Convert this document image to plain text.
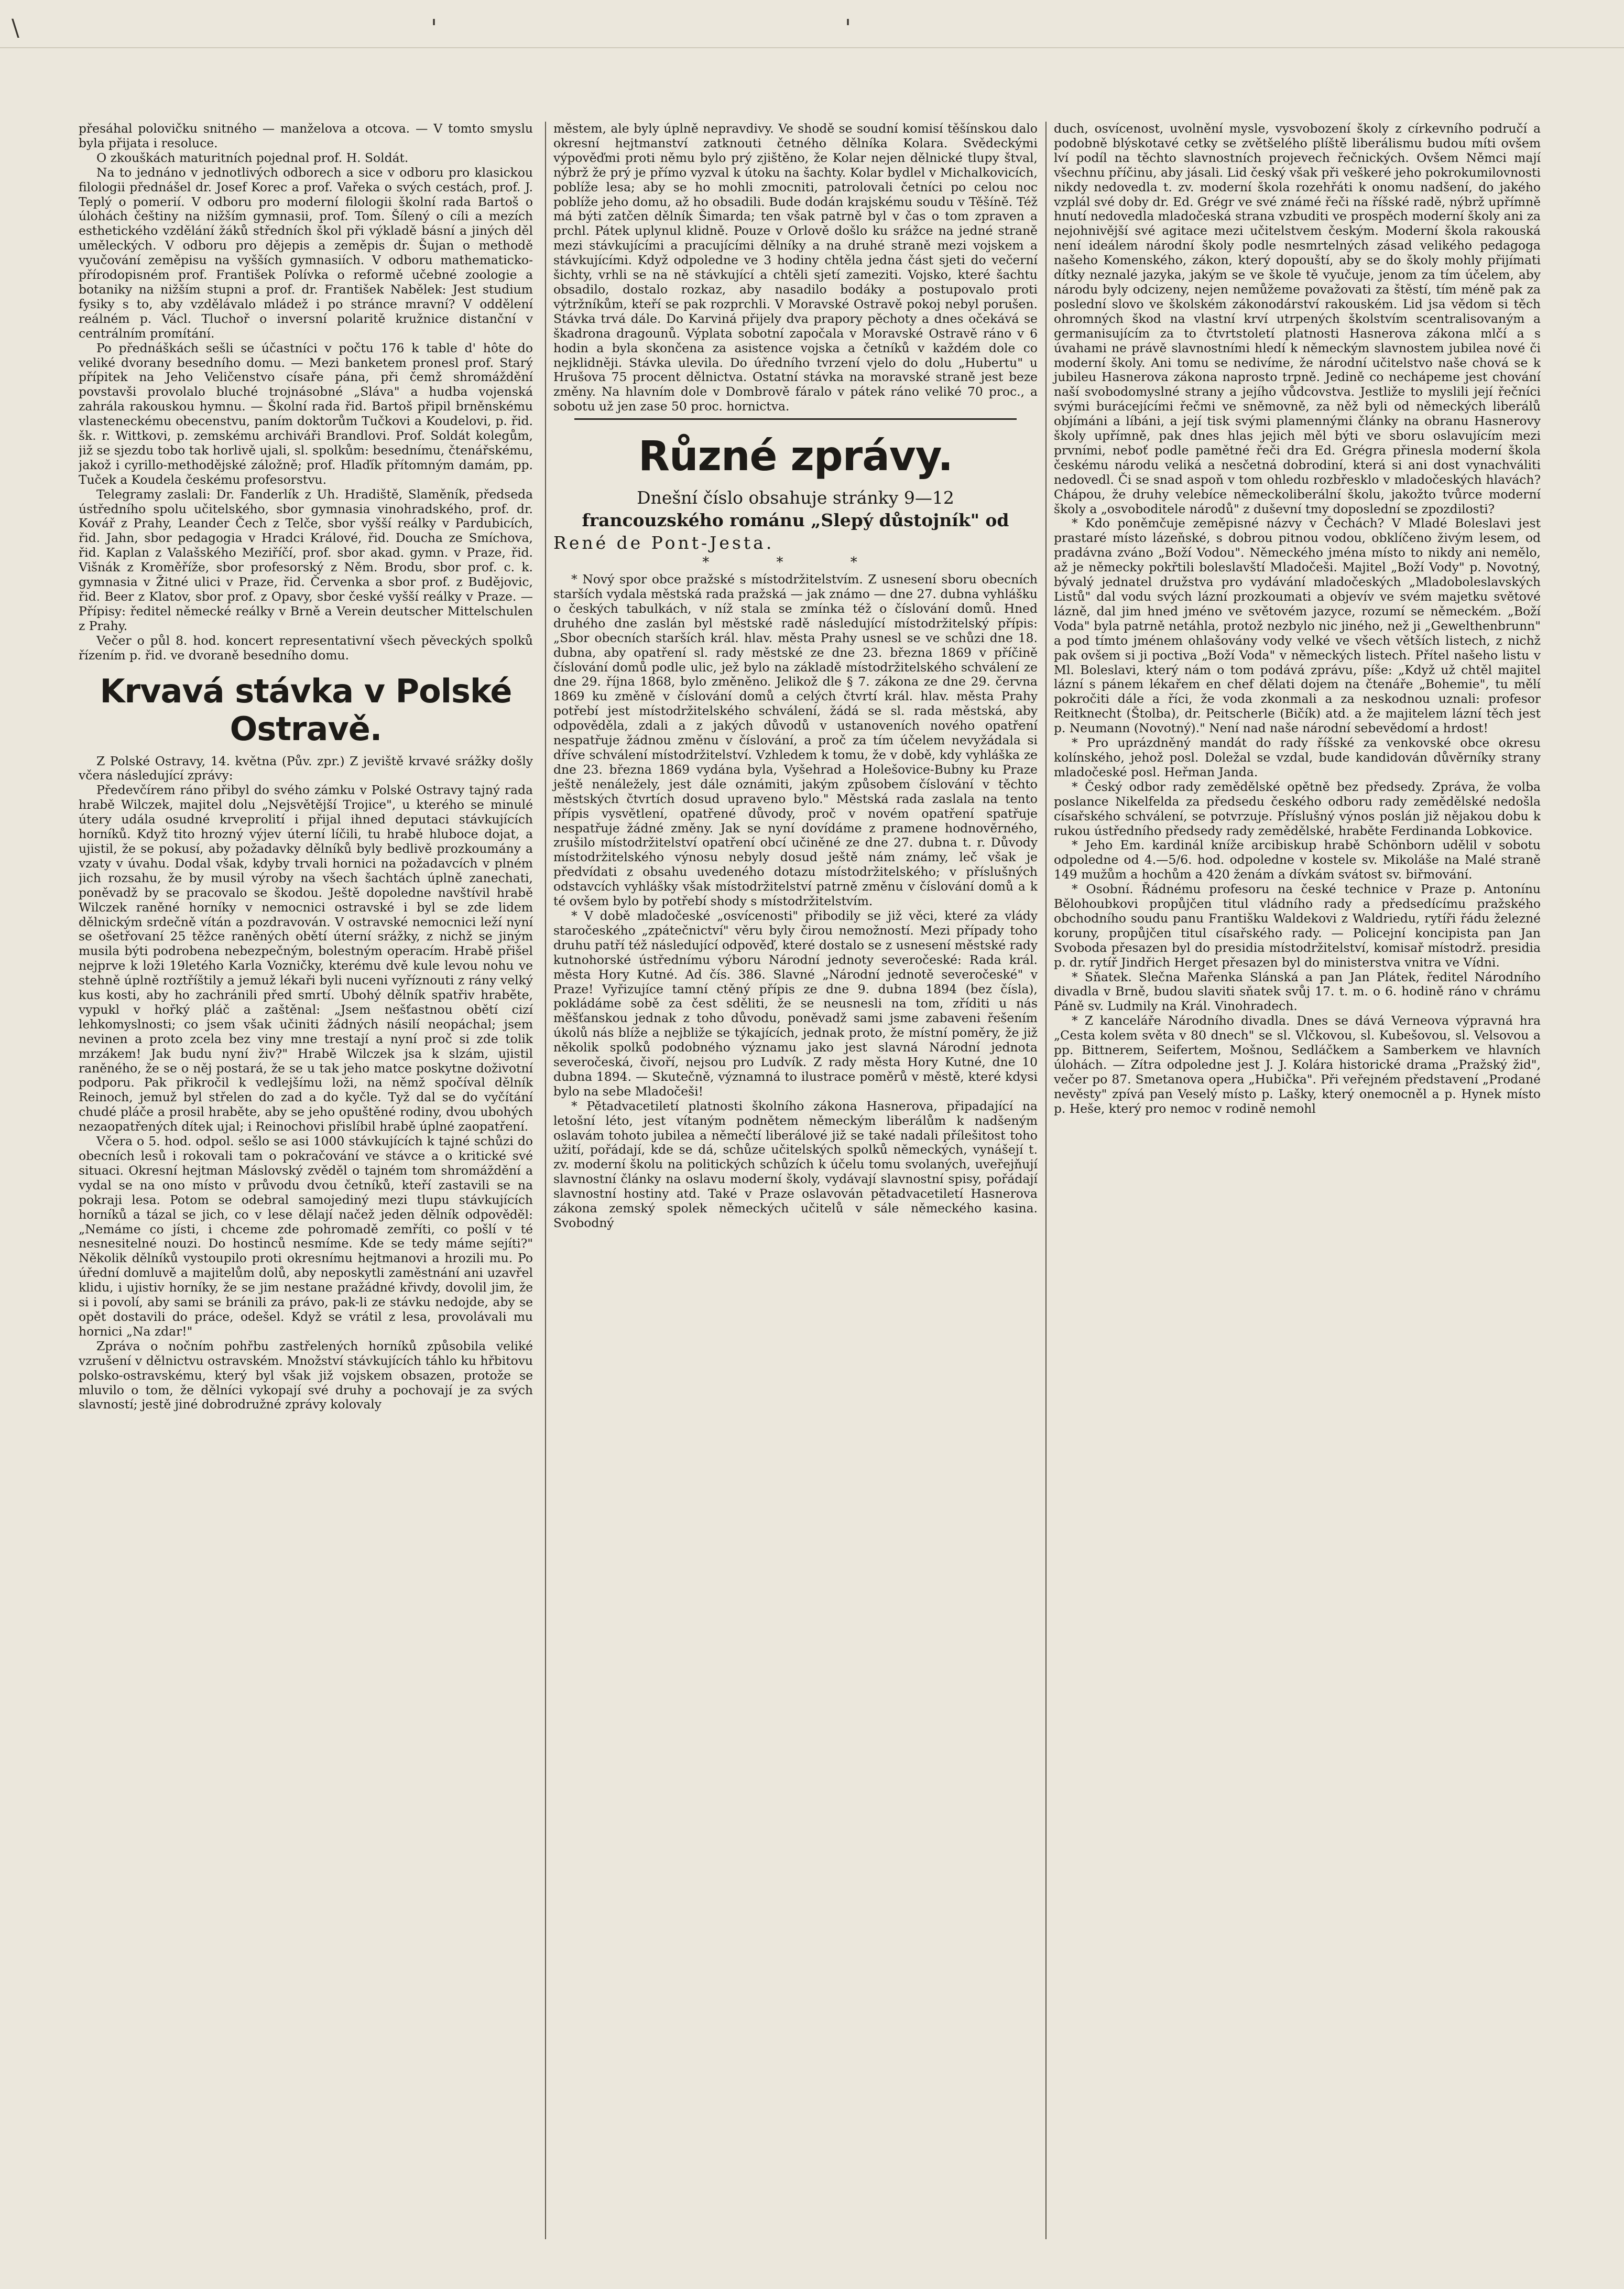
\	'	'

přesáhal polovičku snitného — manželova a otcova. — V tomto smyslu byla přijata i resoluce.

O zkouškách maturitních pojednal prof. H. Soldát.

Na to jednáno v jednotlivých odborech a sice v odboru pro klasickou filologii přednášel dr. Josef Korec a prof. Vařeka o svých cestách, prof. J. Teplý o pomerií. V odboru pro moderní filologii školní rada Bartoš o úlohách češtiny na nižším gymnasii, prof. Tom. Šílený o cíli a mezích esthetického vzdělání žáků středních škol při výkladě básní a jiných děl uměleckých. V odboru pro dějepis a zeměpis dr. Šujan o methodě vyučování zeměpisu na vyšších gymnasiích. V odboru mathematicko-přírodopisném prof. František Polívka o reformě učebné zoologie a botaniky na nižším stupni a prof. dr. František Nabělek: Jest studium fysiky s to, aby vzdělávalo mládež i po stránce mravní? V oddělení reálném p. Václ. Tluchoř o inversní polaritě kružnice distanční v centrálním promítání.

Po přednáškách sešli se účastníci v počtu 176 k table d' hôte do veliké dvorany besedního domu. — Mezi banketem pronesl prof. Starý přípitek na Jeho Veličenstvo císaře pána, při čemž shromáždění povstavši provolalo bluché trojnásobné „Sláva" a hudba vojenská zahrála rakouskou hymnu. — Školní rada řid. Bartoš připil brněnskému vlasteneckému obecenstvu, paním doktorům Tučkovi a Koudelovi, p. řid. šk. r. Wittkovi, p. zemskému archiváři Brandlovi. Prof. Soldát kolegům, již se sjezdu tobo tak horlivě ujali, sl. spolkům: besednímu, čtenářskému, jakož i cyrillo-methodějské záložně; prof. Hlaďík přítomným damám, pp. Tuček a Koudela českému profesorstvu.

Telegramy zaslali: Dr. Fanderlík z Uh. Hradiště, Slaměník, předseda ústředního spolu učitelského, sbor gymnasia vinohradského, prof. dr. Kovář z Prahy, Leander Čech z Telče, sbor vyšší reálky v Pardubicích, řid. Jahn, sbor pedagogia v Hradci Králové, řid. Doucha ze Smíchova, řid. Kaplan z Valašského Meziříčí, prof. sbor akad. gymn. v Praze, řid. Višnák z Kroměříže, sbor profesorský z Něm. Brodu, sbor prof. c. k. gymnasia v Žitné ulici v Praze, řid. Červenka a sbor prof. z Budějovic, řid. Beer z Klatov, sbor prof. z Opavy, sbor české vyšší reálky v Praze. — Přípisy: ředitel německé reálky v Brně a Verein deutscher Mittelschulen z Prahy.

Večer o půl 8. hod. koncert representativní všech pěveckých spolků řízením p. řid. ve dvoraně besedního domu.

Krvavá stávka v Polské Ostravě.

Z Polské Ostravy, 14. května (Pův. zpr.) Z jeviště krvavé srážky došly včera následující zprávy:

Předevčírem ráno přibyl do svého zámku v Polské Ostravy tajný rada hrabě Wilczek, majitel dolu „Nejsvětější Trojice", u kterého se minulé útery udála osudné krveprolití i přijal ihned deputaci stávkujících horníků. Když tito hrozný výjev úterní líčili, tu hrabě hluboce dojat, a ujistil, že se pokusí, aby požadavky dělníků byly bedlivě prozkoumány a vzaty v úvahu. Dodal však, kdyby trvali hornici na požadavcích v plném jich rozsahu, že by musil výroby na všech šachtách úplně zanechati, poněvadž by se pracovalo se škodou. Ještě dopoledne navštívil hrabě Wilczek raněné horníky v nemocnici ostravské i byl se zde lidem dělnickým srdečně vítán a pozdravován. V ostravské nemocnici leží nyní se ošetřovaní 25 těžce raněných obětí úterní srážky, z nichž se jiným musila býti podrobena nebezpečným, bolestným operacím. Hrabě přišel nejprve k loži 19letého Karla Vozničky, kterému dvě kule levou nohu ve stehně úplně roztříštily a jemuž lékaři byli nuceni vyříznouti z rány velký kus kosti, aby ho zachránili před smrtí. Ubohý dělník spatřiv hraběte, vypukl v hořký pláč a zaštěnal: „Jsem nešťastnou obětí cizí lehkomyslnosti; co jsem však učiniti žádných násilí neopáchal; jsem nevinen a proto zcela bez viny mne trestají a nyní proč si zde tolik mrzákem! Jak budu nyní živ?" Hrabě Wilczek jsa k slzám, ujistil raněného, že se o něj postará, že se u tak jeho matce poskytne doživotní podporu. Pak přikročil k vedlejšímu loži, na němž spočíval dělník Reinoch, jemuž byl střelen do zad a do kyčle. Tyž dal se do vyčítání chudé pláče a prosil hraběte, aby se jeho opuštěné rodiny, dvou ubohých nezaopatřených dítek ujal; i Reinochovi přislíbil hrabě úplné zaopatření.

Včera o 5. hod. odpol. sešlo se asi 1000 stávkujících k tajné schůzi do obecních lesů i rokovali tam o pokračování ve stávce a o kritické své situaci. Okresní hejtman Máslovský zvěděl o tajném tom shromáždění a vydal se na ono místo v průvodu dvou četníků, kteří zastavili se na pokraji lesa. Potom se odebral samojediný mezi tlupu stávkujících horníků a tázal se jich, co v lese dělají načež jeden dělník odpověděl: „Nemáme co jísti, i chceme zde pohromadě zemříti, co pošlí v té nesnesitelné nouzi. Do hostinců nesmíme. Kde se tedy máme sejíti?" Několik dělníků vystoupilo proti okresnímu hejtmanovi a hrozili mu. Po úřední domluvě a majitelům dolů, aby neposkytli zaměstnání ani uzavřel klidu, i ujistiv horníky, že se jim nestane pražádné křivdy, dovolil jim, že si i povolí, aby sami se bránili za právo, pak-li ze stávku nedojde, aby se opět dostavili do práce, odešel. Když se vrátil z lesa, provolávali mu hornici „Na zdar!"

Zpráva o nočním pohřbu zastřelených horníků způsobila veliké vzrušení v dělnictvu ostravském. Množství stávkujících táhlo ku hřbitovu polsko-ostravskému, který byl však již vojskem obsazen, protože se mluvilo o tom, že dělníci vykopají své druhy a pochovají je za svých slavností; jestě jiné dobrodružné zprávy kolovaly

městem, ale byly úplně nepravdivy. Ve shodě se soudní komisí těšínskou dalo okresní hejtmanství zatknouti četného dělníka Kolara. Svědeckými výpověďmi proti němu bylo prý zjištěno, že Kolar nejen dělnické tlupy štval, nýbrž že prý je přímo vyzval k útoku na šachty. Kolar bydlel v Michalkovicích, poblíže lesa; aby se ho mohli zmocniti, patrolovali četníci po celou noc poblíže jeho domu, až ho obsadili. Bude dodán krajskému soudu v Těšíně. Též má býti zatčen dělník Šimarda; ten však patrně byl v čas o tom zpraven a prchl. Pátek uplynul klidně. Pouze v Orlově došlo ku srážce na jedné straně mezi stávkujícími a pracujícími dělníky a na druhé straně mezi vojskem a stávkujícími. Když odpoledne ve 3 hodiny chtěla jedna část sjeti do večerní šichty, vrhli se na ně stávkující a chtěli sjetí zameziti. Vojsko, které šachtu obsadilo, dostalo rozkaz, aby nasadilo bodáky a postupovalo proti výtržníkům, kteří se pak rozprchli. V Moravské Ostravě pokoj nebyl porušen. Stávka trvá dále. Do Karviná přijely dva prapory pěchoty a dnes očekává se škadrona dragounů. Výplata sobotní započala v Moravské Ostravě ráno v 6 hodin a byla skončena za asistence vojska a četníků v každém dole co nejklidněji. Stávka ulevila. Do úředního tvrzení vjelo do dolu „Hubertu" u Hrušova 75 procent dělnictva. Ostatní stávka na moravské straně jest beze změny. Na hlavním dole v Dombrově fáralo v pátek ráno veliké 70 proc., a sobotu už jen zase 50 proc. hornictva.

Různé zprávy.
Dnešní číslo obsahuje stránky 9—12
francouzského románu „Slepý důstojník" od
René de Pont-Jesta.
* * *

* Nový spor obce pražské s místodržitelstvím. Z usnesení sboru obecních starších vydala městská rada pražská — jak známo — dne 27. dubna vyhlášku o českých tabulkách, v níž stala se zmínka též o číslování domů. Hned druhého dne zaslán byl městské radě následující místodržitelský přípis: „Sbor obecních starších král. hlav. města Prahy usnesl se ve schůzi dne 18. dubna, aby opatření sl. rady městské ze dne 23. března 1869 v příčině číslování domů podle ulic, jež bylo na základě místodržitelského schválení ze dne 29. října 1868, bylo změněno. Jelikož dle § 7. zákona ze dne 29. června 1869 ku změně v číslování domů a celých čtvrtí král. hlav. města Prahy potřebí jest místodržitelského schválení, žádá se sl. rada městská, aby odpověděla, zdali a z jakých důvodů v ustanoveních nového opatření nespatřuje žádnou změnu v číslování, a proč za tím účelem nevyžádala si dříve schválení místodržitelství. Vzhledem k tomu, že v době, kdy vyhláška ze dne 23. března 1869 vydána byla, Vyšehrad a Holešovice-Bubny ku Praze ještě nenáležely, jest dále oznámiti, jakým způsobem číslování v těchto městských čtvrtích dosud upraveno bylo." Městská rada zaslala na tento přípis vysvětlení, opatřené důvody, proč v novém opatření spatřuje nespatřuje žádné změny. Jak se nyní dovídáme z pramene hodnověrného, zrušilo místodržitelství opatření obcí učiněné ze dne 27. dubna t. r. Důvody místodržitelského výnosu nebyly dosud ještě nám známy, leč však je předvídati z obsahu uvedeného dotazu místodržitelského; v příslušných odstavcích vyhlášky však místodržitelství patrně změnu v číslování domů a k té ovšem bylo by potřebí shody s místodržitelstvím.

* V době mladočeské „osvícenosti" přibodily se již věci, které za vlády staročeského „zpátečnictví" věru byly čirou nemožností. Mezi případy toho druhu patří též následující odpověď, které dostalo se z usnesení městské rady kutnohorské ústřednímu výboru Národní jednoty severočeské: Rada král. města Hory Kutné. Ad čís. 386. Slavné „Národní jednotě severočeské" v Praze! Vyřizujíce tamní ctěný přípis ze dne 9. dubna 1894 (bez čísla), pokládáme sobě za čest sděliti, že se neusnesli na tom, zříditi u nás měšťanskou jednak z toho důvodu, poněvadž sami jsme zabaveni řešením úkolů nás blíže a nejbliže se týkajících, jednak proto, že místní poměry, že již několik spolků podobného významu jako jest slavná Národní jednota severočeská, čivoří, nejsou pro Ludvík. Z rady města Hory Kutné, dne 10 dubna 1894. — Skutečně, významná to ilustrace poměrů v městě, které kdysi bylo na sebe Mladočeši!

* Pětadvacetiletí platnosti školního zákona Hasnerova, připadající na letošní léto, jest vítaným podnětem německým liberálům k nadšeným oslavám tohoto jubilea a němečtí liberálové již se také nadali přílešitost toho užití, pořádají, kde se dá, schůze učitelských spolků německých, vynášejí t. zv. moderní školu na politických schůzích k účelu tomu svolaných, uveřejňují slavnostní články na oslavu moderní školy, vydávají slavnostní spisy, pořádají slavnostní hostiny atd. Také v Praze oslavován pětadvacetiletí Hasnerova zákona zemský spolek německých učitelů v sále německého kasina. Svobodný

duch, osvícenost, uvolnění mysle, vysvobození školy z církevního područí a podobně blýskotavé cetky se zvětšelého plíště liberálismu budou míti ovšem lví podíl na těchto slavnostních projevech řečnických. Ovšem Němci mají všechnu příčinu, aby jásali. Lid český však při veškeré jeho pokrokumilovnosti nikdy nedovedla t. zv. moderní škola rozehřáti k onomu nadšení, do jakého vzplál své doby dr. Ed. Grégr ve své známé řeči na říšské radě, nýbrž upřímně hnutí nedovedla mladočeská strana vzbuditi ve prospěch moderní školy ani za nejohnivější své agitace mezi učitelstvem českým. Moderní škola rakouská není ideálem národní školy podle nesmrtelných zásad velikého pedagoga našeho Komenského, zákon, který dopouští, aby se do školy mohly přijímati dítky neznalé jazyka, jakým se ve škole tě vyučuje, jenom za tím účelem, aby národu byly odcizeny, nejen nemůžeme považovati za štěstí, tím méně pak za poslední slovo ve školském zákonodárství rakouském. Lid jsa vědom si těch ohromných škod na vlastní krví utrpených školstvím scentralisovaným a germanisujícím za to čtvrtstoletí platnosti Hasnerova zákona mlčí a s úvahami ne právě slavnostními hledí k německým slavnostem jubilea nové či moderní školy. Ani tomu se nedivíme, že národní učitelstvo naše chová se k jubileu Hasnerova zákona naprosto trpně. Jedině co nechápeme jest chování naší svobodomyslné strany a jejího vůdcovstva. Jestliže to myslili její řečníci svými burácejícími řečmi ve sněmovně, za něž byli od německých liberálů objímáni a líbáni, a její tisk svými plamennými články na obranu Hasnerovy školy upřímně, pak dnes hlas jejich měl býti ve sboru oslavujícím mezi prvními, neboť podle pamětné řeči dra Ed. Grégra přinesla moderní škola českému národu veliká a nesčetná dobrodiní, která si ani dost vynachváliti nedovedl. Či se snad aspoň v tom ohledu rozbřesklo v mladočeských hlavách? Chápou, že druhy velebíce německoliberální školu, jakožto tvůrce moderní školy a „osvoboditele národů" z duševní tmy doposlední se zpozdilosti?

* Kdo poněmčuje zeměpisné názvy v Čechách? V Mladé Boleslavi jest prastaré místo lázeňské, s dobrou pitnou vodou, obklíčeno živým lesem, od pradávna zváno „Boží Vodou". Německého jména místo to nikdy ani nemělo, až je německy pokřtili boleslavští Mladočeši. Majitel „Boží Vody" p. Novotný, bývalý jednatel družstva pro vydávání mladočeských „Mladoboleslavských Listů" dal vodu svých lázní prozkoumati a objevív ve svém majetku světové lázně, dal jim hned jméno ve světovém jazyce, rozumí se německém. „Boží Voda" byla patrně netáhla, protož nezbylo nic jiného, než ji „Gewelthenbrunn" a pod tímto jménem ohlašovány vody velké ve všech větších listech, z nichž pak ovšem si ji poctiva „Boží Voda" v německých listech. Přítel našeho listu v Ml. Boleslavi, který nám o tom podává zprávu, píše: „Když už chtěl majitel lázní s pánem lékařem en chef dělati dojem na čtenáře „Bohemie", tu mělí pokročiti dále a říci, že voda zkonmali a za neskodnou uznali: profesor Reitknecht (Štolba), dr. Peitscherle (Bičík) atd. a že majitelem lázní těch jest p. Neumann (Novotný)." Není nad naše národní sebevědomí a hrdost!

* Pro uprázdněný mandát do rady říšské za venkovské obce okresu kolínského, jehož posl. Doležal se vzdal, bude kandidován důvěrníky strany mladočeské posl. Heřman Janda.

* Český odbor rady zemědělské opětně bez předsedy. Zpráva, že volba poslance Nikelfelda za předsedu českého odboru rady zemědělské nedošla císařského schválení, se potvrzuje. Příslušný výnos poslán již nějakou dobu k rukou ústředního předsedy rady zemědělské, hraběte Ferdinanda Lobkovice.

* Jeho Em. kardinál kníže arcibiskup hrabě Schönborn udělil v sobotu odpoledne od 4.—5/6. hod. odpoledne v kostele sv. Mikoláše na Malé straně 149 mužům a hochům a 420 ženám a dívkám svátost sv. biřmování.

* Osobní. Řádnému profesoru na české technice v Praze p. Antonínu Bělohoubkovi propůjčen titul vládního rady a předsedícímu pražského obchodního soudu panu Františku Waldekovi z Waldriedu, rytíři řádu železné koruny, propůjčen titul císařského rady. — Policejní koncipista pan Jan Svoboda přesazen byl do presidia místodržitelství, komisař místodrž. presidia p. dr. rytíř Jindřich Herget přesazen byl do ministerstva vnitra ve Vídni.

* Sňatek. Slečna Mařenka Slánská a pan Jan Plátek, ředitel Národního divadla v Brně, budou slaviti sňatek svůj 17. t. m. o 6. hodině ráno v chrámu Páně sv. Ludmily na Král. Vinohradech.

* Z kanceláře Národního divadla. Dnes se dává Verneova výpravná hra „Cesta kolem světa v 80 dnech" se sl. Vlčkovou, sl. Kubešovou, sl. Velsovou a pp. Bittnerem, Seifertem, Mošnou, Sedláčkem a Samberkem ve hlavních úlohách. — Zítra odpoledne jest J. J. Kolára historické drama „Pražský žid", večer po 87. Smetanova opera „Hubička". Při veřejném představení „Prodané nevěsty" zpívá pan Veselý místo p. Lašky, který onemocněl a p. Hynek místo p. Heše, který pro nemoc v rodině nemohl
